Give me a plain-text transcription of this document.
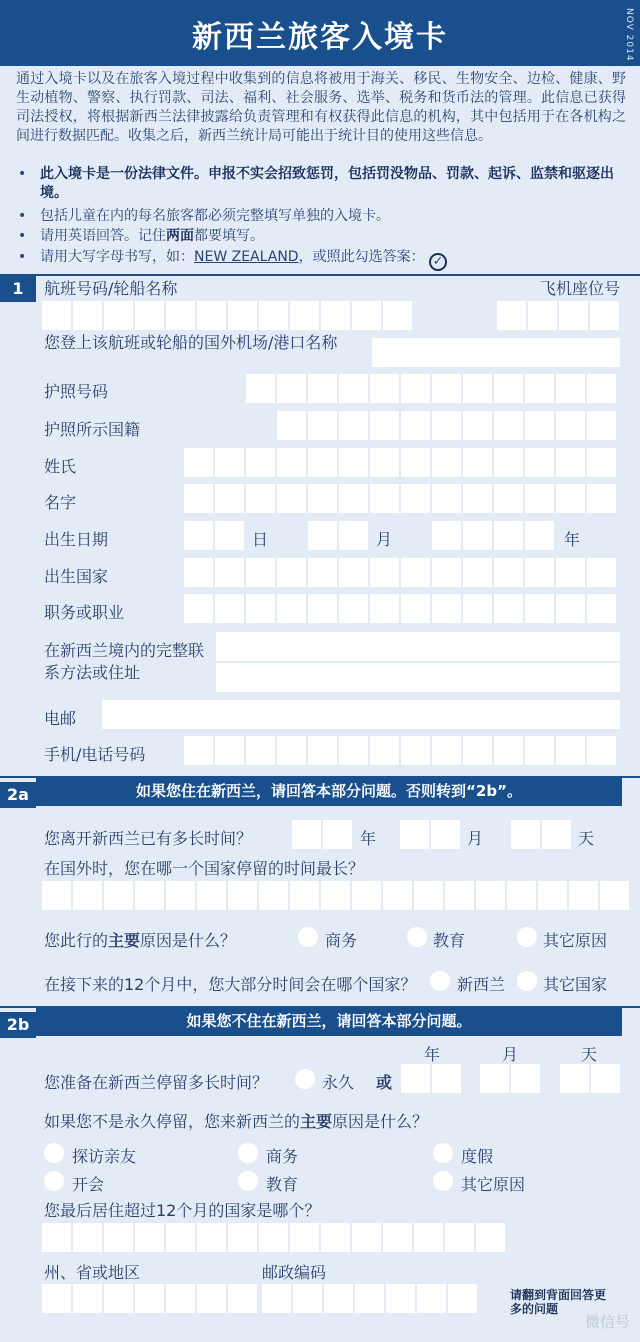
新西兰旅客入境卡	NOV 2014
通过入境卡以及在旅客入境过程中收集到的信息将被用于海关、移民、生物安全、边检、健康、野生动植物、警察、执行罚款、司法、福利、社会服务、选举、税务和货币法的管理。此信息已获得司法授权，将根据新西兰法律披露给负责管理和有权获得此信息的机构，其中包括用于在各机构之间进行数据匹配。收集之后，新西兰统计局可能出于统计目的使用这些信息。
• 此入境卡是一份法律文件。申报不实会招致惩罚，包括罚没物品、罚款、起诉、监禁和驱逐出境。
• 包括儿童在内的每名旅客都必须完整填写单独的入境卡。
• 请用英语回答。记住两面都要填写。
• 请用大写字母书写，如：NEW ZEALAND，或照此勾选答案： ✓
1	航班号码/轮船名称	飞机座位号
您登上该航班或轮船的国外机场/港口名称
护照号码
护照所示国籍
姓氏
名字
出生日期	日	月	年
出生国家
职务或职业
在新西兰境内的完整联系方法或住址
电邮
手机/电话号码
2a	如果您住在新西兰，请回答本部分问题。否则转到“2b”。
您离开新西兰已有多长时间？	年	月	天
在国外时，您在哪一个国家停留的时间最长？
您此行的主要原因是什么？	商务	教育	其它原因
在接下来的12个月中，您大部分时间会在哪个国家？	新西兰 其它国家
2b	如果您不住在新西兰，请回答本部分问题。
年	月	天
您准备在新西兰停留多长时间？	永久 或
如果您不是永久停留，您来新西兰的主要原因是什么？
探访亲友	商务	度假
开会	教育	其它原因
您最后居住超过12个月的国家是哪个？
州、省或地区	邮政编码
请翻到背面回答更
多的问题
微信号
